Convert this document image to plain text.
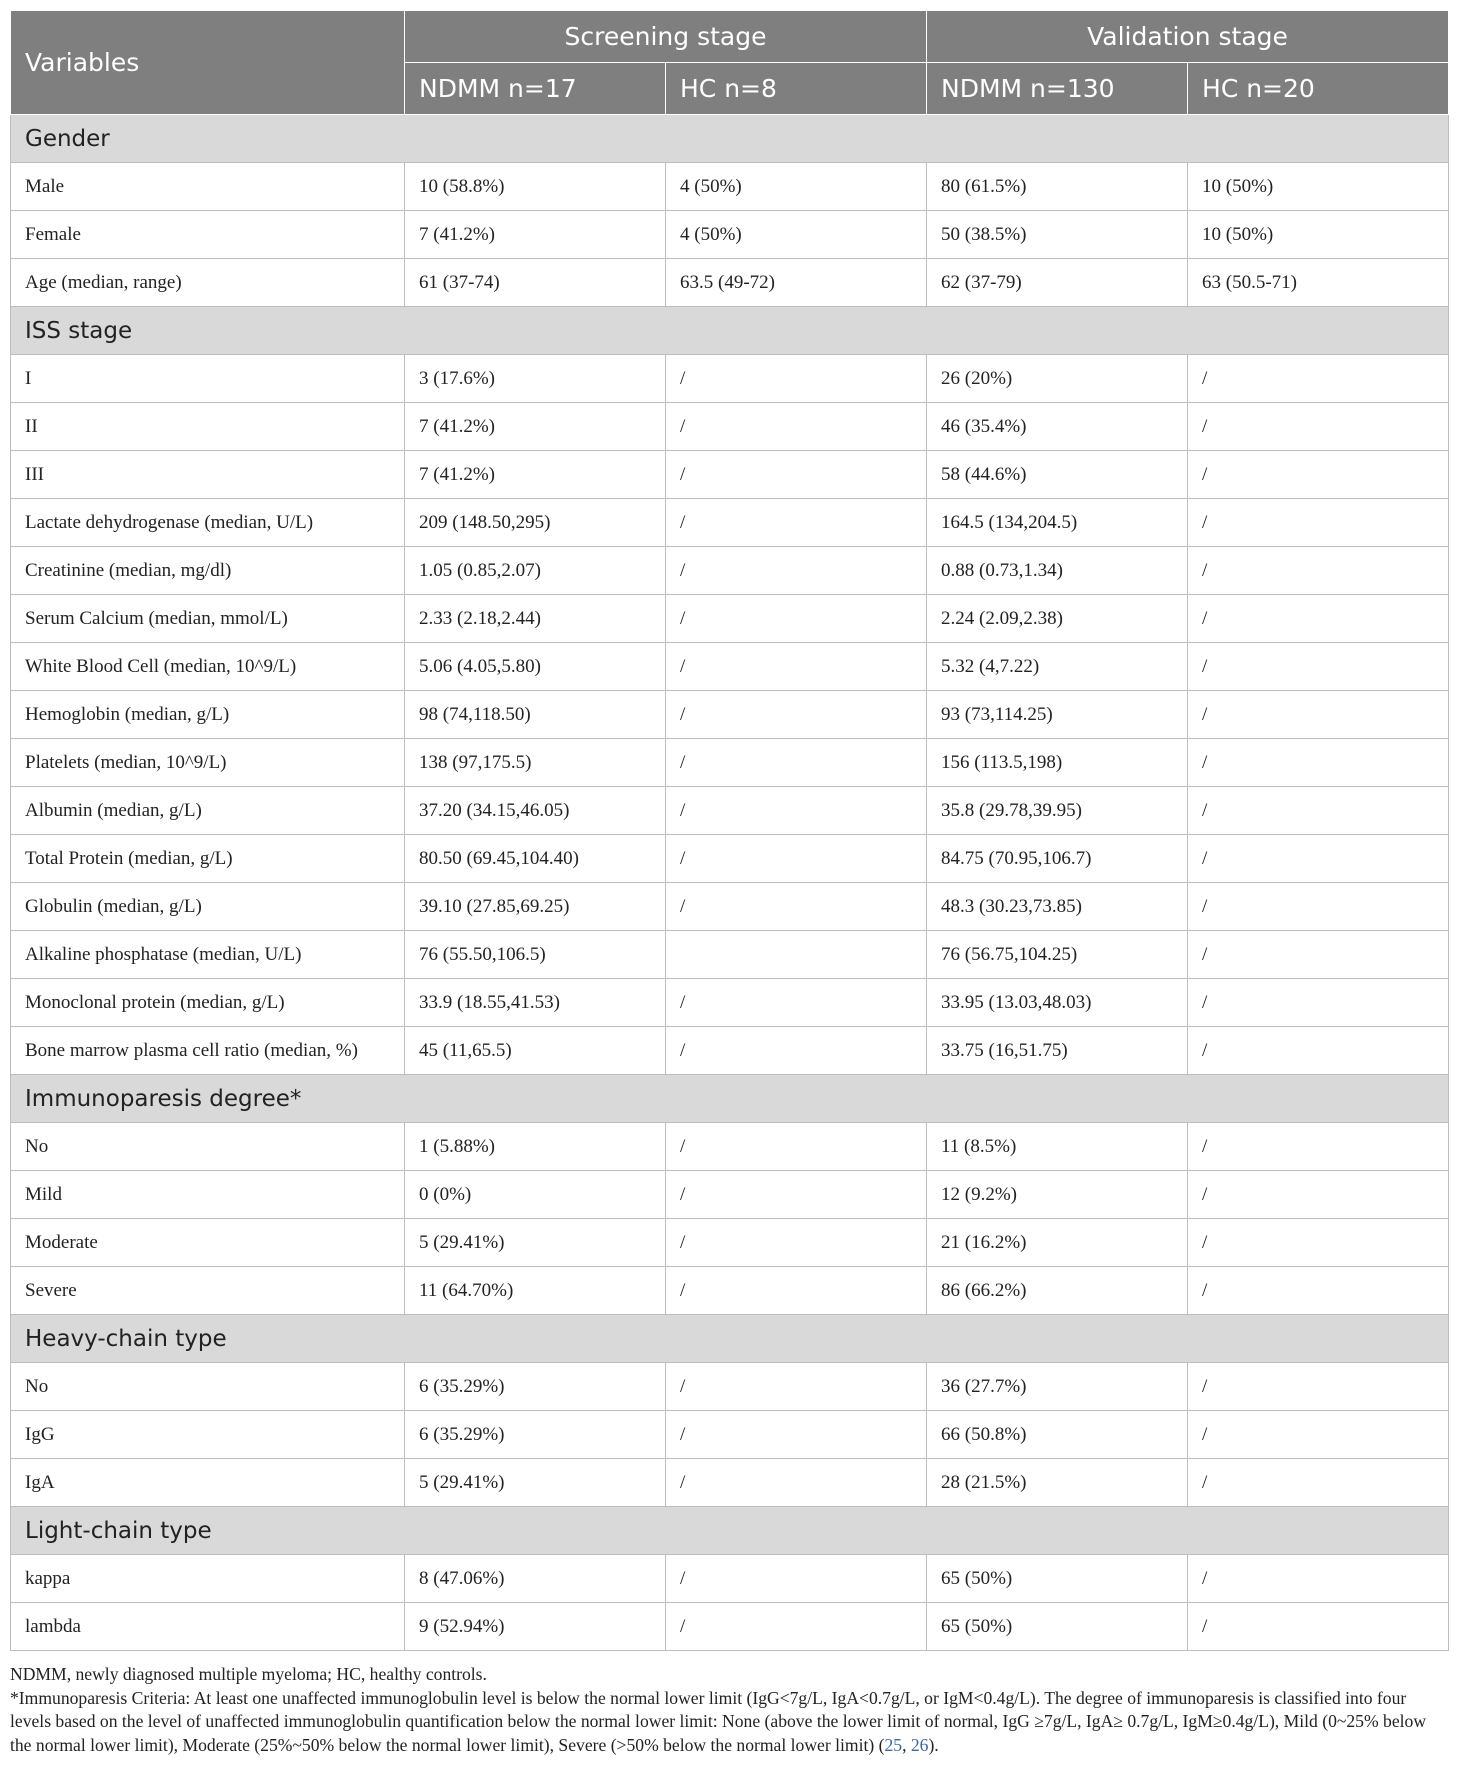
Variables	Screening stage		Validation stage	
	NDMM n=17	HC n=8	NDMM n=130	HC n=20
Gender				
Male	10 (58.8%)	4 (50%)	80 (61.5%)	10 (50%)
Female	7 (41.2%)	4 (50%)	50 (38.5%)	10 (50%)
Age (median, range)	61 (37-74)	63.5 (49-72)	62 (37-79)	63 (50.5-71)
ISS stage				
I	3 (17.6%)	/	26 (20%)	/
II	7 (41.2%)	/	46 (35.4%)	/
III	7 (41.2%)	/	58 (44.6%)	/
Lactate dehydrogenase (median, U/L)	209 (148.50,295)	/	164.5 (134,204.5)	/
Creatinine (median, mg/dl)	1.05 (0.85,2.07)	/	0.88 (0.73,1.34)	/
Serum Calcium (median, mmol/L)	2.33 (2.18,2.44)	/	2.24 (2.09,2.38)	/
White Blood Cell (median, 10^9/L)	5.06 (4.05,5.80)	/	5.32 (4,7.22)	/
Hemoglobin (median, g/L)	98 (74,118.50)	/	93 (73,114.25)	/
Platelets (median, 10^9/L)	138 (97,175.5)	/	156 (113.5,198)	/
Albumin (median, g/L)	37.20 (34.15,46.05)	/	35.8 (29.78,39.95)	/
Total Protein (median, g/L)	80.50 (69.45,104.40)	/	84.75 (70.95,106.7)	/
Globulin (median, g/L)	39.10 (27.85,69.25)	/	48.3 (30.23,73.85)	/
Alkaline phosphatase (median, U/L)	76 (55.50,106.5)		76 (56.75,104.25)	/
Monoclonal protein (median, g/L)	33.9 (18.55,41.53)	/	33.95 (13.03,48.03)	/
Bone marrow plasma cell ratio (median, %)	45 (11,65.5)	/	33.75 (16,51.75)	/
Immunoparesis degree*				
No	1 (5.88%)	/	11 (8.5%)	/
Mild	0 (0%)	/	12 (9.2%)	/
Moderate	5 (29.41%)	/	21 (16.2%)	/
Severe	11 (64.70%)	/	86 (66.2%)	/
Heavy-chain type				
No	6 (35.29%)	/	36 (27.7%)	/
IgG	6 (35.29%)	/	66 (50.8%)	/
IgA	5 (29.41%)	/	28 (21.5%)	/
Light-chain type				
kappa	8 (47.06%)	/	65 (50%)	/
lambda	9 (52.94%)	/	65 (50%)	/

NDMM, newly diagnosed multiple myeloma; HC, healthy controls.

*Immunoparesis Criteria: At least one unaffected immunoglobulin level is below the normal lower limit (IgG<7g/L, IgA<0.7g/L, or IgM<0.4g/L). The degree of immunoparesis is classified into four levels based on the level of unaffected immunoglobulin quantification below the normal lower limit: None (above the lower limit of normal, IgG ≥7g/L, IgA≥ 0.7g/L, IgM≥0.4g/L), Mild (0~25% below the normal lower limit), Moderate (25%~50% below the normal lower limit), Severe (>50% below the normal lower limit) (25, 26).
